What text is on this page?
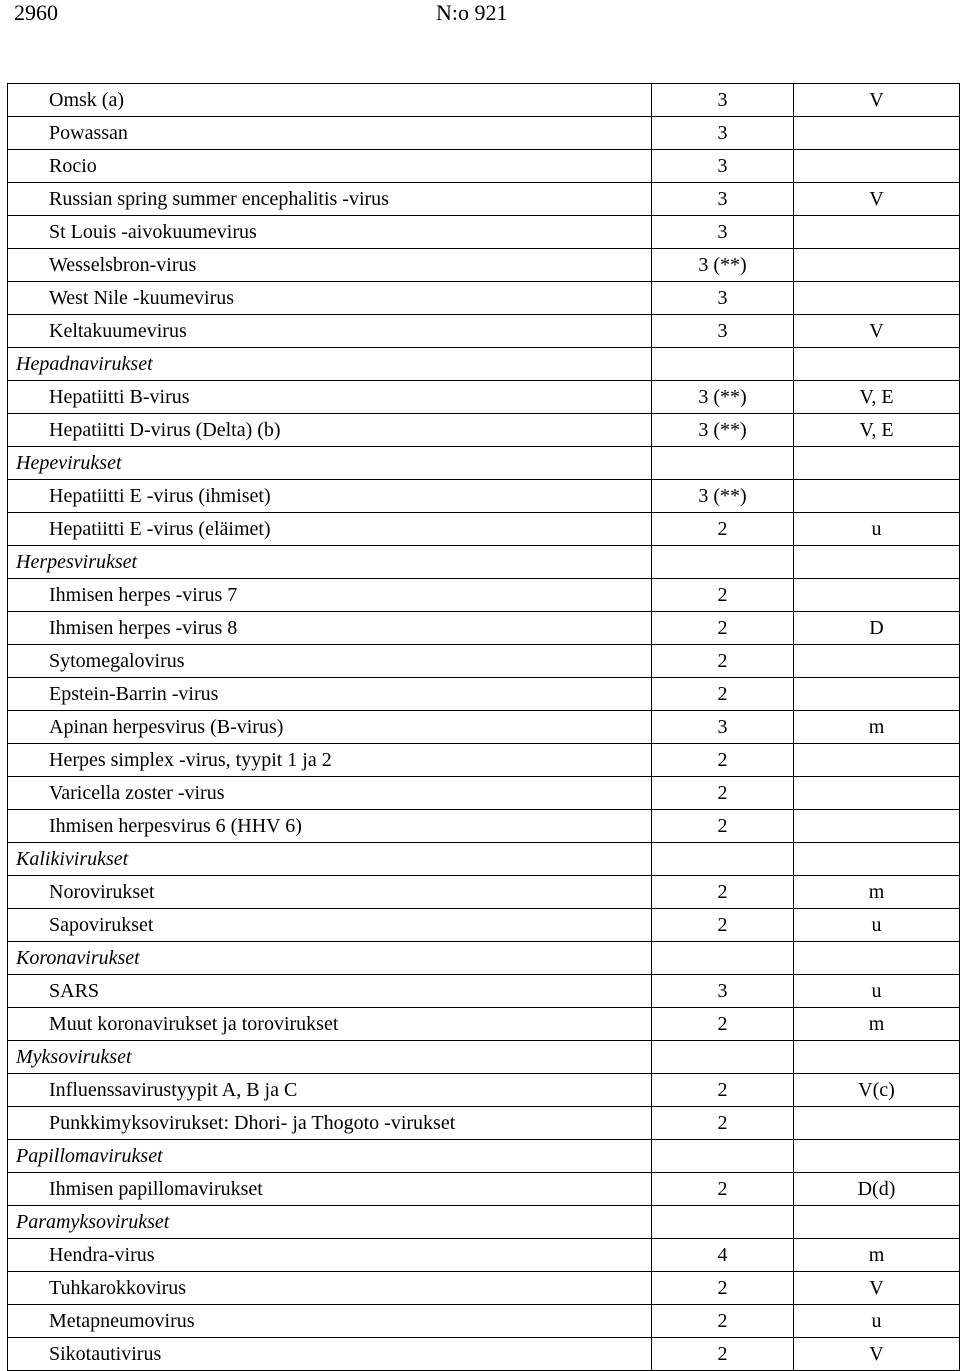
2960	N:o 921
Omsk (a)	3	V
Powassan	3	
Rocio	3	
Russian spring summer encephalitis -virus	3	V
St Louis -aivokuumevirus	3	
Wesselsbron-virus	3 (**)	
West Nile -kuumevirus	3	
Keltakuumevirus	3	V
Hepadnavirukset		
Hepatiitti B-virus	3 (**)	V, E
Hepatiitti D-virus (Delta) (b)	3 (**)	V, E
Hepevirukset		
Hepatiitti E -virus (ihmiset)	3 (**)	
Hepatiitti E -virus (eläimet)	2	u
Herpesvirukset		
Ihmisen herpes -virus 7	2	
Ihmisen herpes -virus 8	2	D
Sytomegalovirus	2	
Epstein-Barrin -virus	2	
Apinan herpesvirus (B-virus)	3	m
Herpes simplex -virus, tyypit 1 ja 2	2	
Varicella zoster -virus	2	
Ihmisen herpesvirus 6 (HHV 6)	2	
Kalikivirukset		
Norovirukset	2	m
Sapovirukset	2	u
Koronavirukset		
SARS	3	u
Muut koronavirukset ja torovirukset	2	m
Myksovirukset		
Influenssavirustyypit A, B ja C	2	V(c)
Punkkimyksovirukset: Dhori- ja Thogoto -virukset	2	
Papillomavirukset		
Ihmisen papillomavirukset	2	D(d)
Paramyksovirukset		
Hendra-virus	4	m
Tuhkarokkovirus	2	V
Metapneumovirus	2	u
Sikotautivirus	2	V
